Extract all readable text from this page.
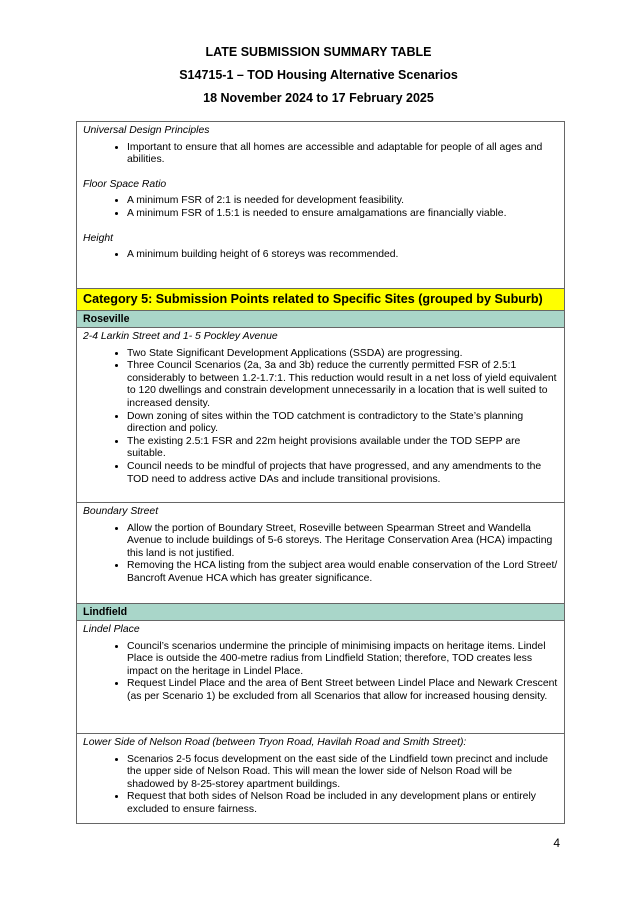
LATE SUBMISSION SUMMARY TABLE
S14715-1 – TOD Housing Alternative Scenarios
18 November 2024 to 17 February 2025
Universal Design Principles
• Important to ensure that all homes are accessible and adaptable for people of all ages and abilities.
Floor Space Ratio
• A minimum FSR of 2:1 is needed for development feasibility.
• A minimum FSR of 1.5:1 is needed to ensure amalgamations are financially viable.
Height
• A minimum building height of 6 storeys was recommended.
Category 5: Submission Points related to Specific Sites (grouped by Suburb)
Roseville
2-4 Larkin Street and 1- 5 Pockley Avenue
• Two State Significant Development Applications (SSDA) are progressing.
• Three Council Scenarios (2a, 3a and 3b) reduce the currently permitted FSR of 2.5:1 considerably to between 1.2-1.7:1. This reduction would result in a net loss of yield equivalent to 120 dwellings and constrain development unnecessarily in a location that is well suited to increased density.
• Down zoning of sites within the TOD catchment is contradictory to the State’s planning direction and policy.
• The existing 2.5:1 FSR and 22m height provisions available under the TOD SEPP are suitable.
• Council needs to be mindful of projects that have progressed, and any amendments to the TOD need to address active DAs and include transitional provisions.
Boundary Street
• Allow the portion of Boundary Street, Roseville between Spearman Street and Wandella Avenue to include buildings of 5-6 storeys. The Heritage Conservation Area (HCA) impacting this land is not justified.
• Removing the HCA listing from the subject area would enable conservation of the Lord Street/ Bancroft Avenue HCA which has greater significance.
Lindfield
Lindel Place
• Council’s scenarios undermine the principle of minimising impacts on heritage items. Lindel Place is outside the 400-metre radius from Lindfield Station; therefore, TOD creates less impact on the heritage in Lindel Place.
• Request Lindel Place and the area of Bent Street between Lindel Place and Newark Crescent (as per Scenario 1) be excluded from all Scenarios that allow for increased housing density.
Lower Side of Nelson Road (between Tryon Road, Havilah Road and Smith Street):
• Scenarios 2-5 focus development on the east side of the Lindfield town precinct and include the upper side of Nelson Road. This will mean the lower side of Nelson Road will be shadowed by 8-25-storey apartment buildings.
• Request that both sides of Nelson Road be included in any development plans or entirely excluded to ensure fairness.
4
